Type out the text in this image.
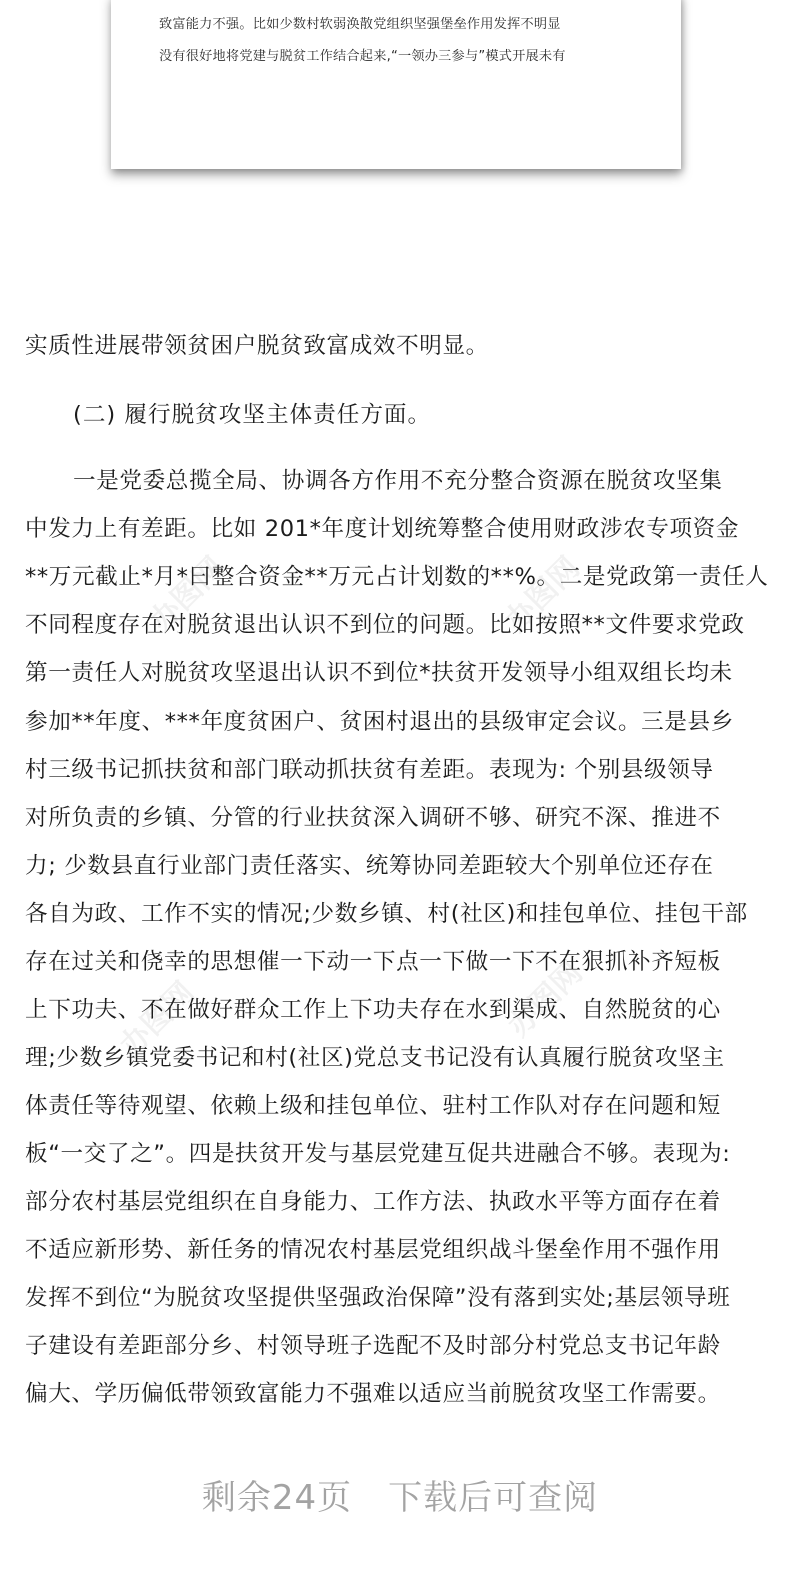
致富能力不强。比如少数村软弱涣散党组织坚强堡垒作用发挥不明显
没有很好地将党建与脱贫工作结合起来,“一领办三参与”模式开展未有
办图网	办图网
办图网	办图网
实质性进展带领贫困户脱贫致富成效不明显。
(二) 履行脱贫攻坚主体责任方面。
一是党委总揽全局、协调各方作用不充分整合资源在脱贫攻坚集
中发力上有差距。比如 201*年度计划统筹整合使用财政涉农专项资金
**万元截止*月*曰整合资金**万元占计划数的**%。二是党政第一责任人
不同程度存在对脱贫退出认识不到位的问题。比如按照**文件要求党政
第一责任人对脱贫攻坚退出认识不到位*扶贫开发领导小组双组长均未
参加**年度、***年度贫困户、贫困村退出的县级审定会议。三是县乡
村三级书记抓扶贫和部门联动抓扶贫有差距。表现为: 个别县级领导
对所负责的乡镇、分管的行业扶贫深入调研不够、研究不深、推进不
力; 少数县直行业部门责任落实、统筹协同差距较大个别单位还存在
各自为政、工作不实的情况;少数乡镇、村(社区)和挂包单位、挂包干部
存在过关和侥幸的思想催一下动一下点一下做一下不在狠抓补齐短板
上下功夫、不在做好群众工作上下功夫存在水到渠成、自然脱贫的心
理;少数乡镇党委书记和村(社区)党总支书记没有认真履行脱贫攻坚主
体责任等待观望、依赖上级和挂包单位、驻村工作队对存在问题和短
板“一交了之”。四是扶贫开发与基层党建互促共进融合不够。表现为:
部分农村基层党组织在自身能力、工作方法、执政水平等方面存在着
不适应新形势、新任务的情况农村基层党组织战斗堡垒作用不强作用
发挥不到位“为脱贫攻坚提供坚强政治保障”没有落到实处;基层领导班
子建设有差距部分乡、村领导班子选配不及时部分村党总支书记年龄
偏大、学历偏低带领致富能力不强难以适应当前脱贫攻坚工作需要。
剩余24页 下载后可查阅
